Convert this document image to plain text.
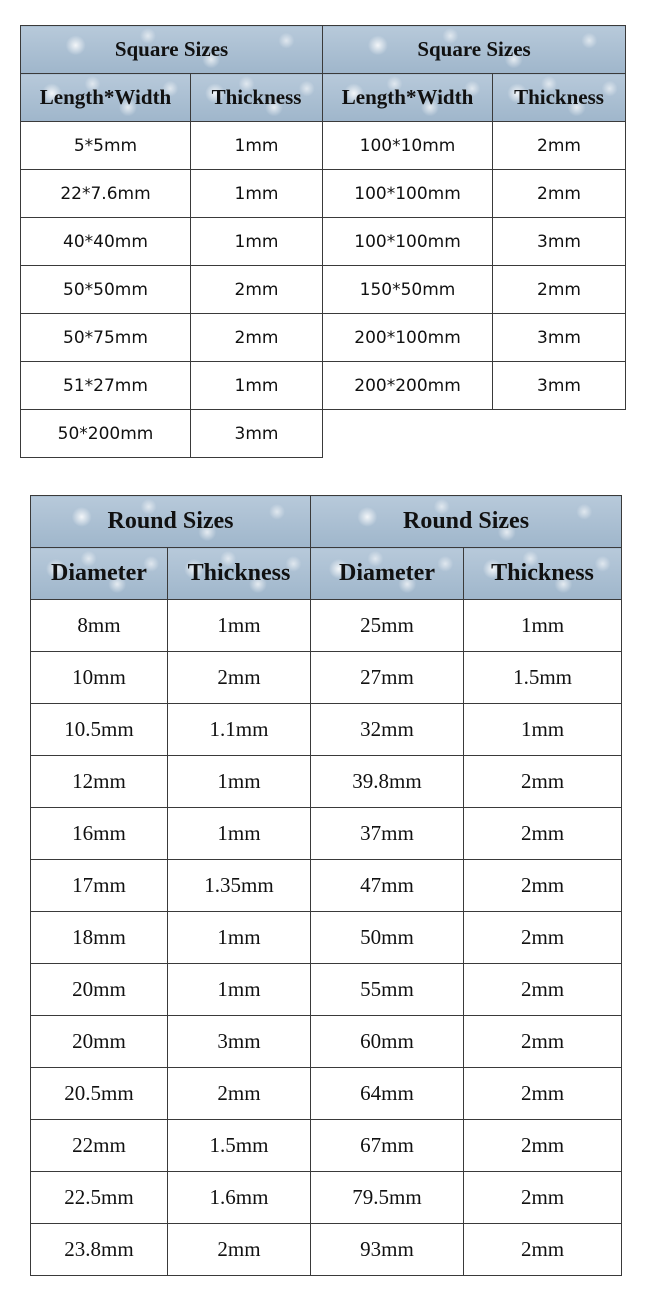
Square Sizes		Square Sizes	
Length*Width	Thickness	Length*Width	Thickness
5*5mm	1mm	100*10mm	2mm
22*7.6mm	1mm	100*100mm	2mm
40*40mm	1mm	100*100mm	3mm
50*50mm	2mm	150*50mm	2mm
50*75mm	2mm	200*100mm	3mm
51*27mm	1mm	200*200mm	3mm
50*200mm	3mm		
Round Sizes		Round Sizes	
Diameter	Thickness	Diameter	Thickness
8mm	1mm	25mm	1mm
10mm	2mm	27mm	1.5mm
10.5mm	1.1mm	32mm	1mm
12mm	1mm	39.8mm	2mm
16mm	1mm	37mm	2mm
17mm	1.35mm	47mm	2mm
18mm	1mm	50mm	2mm
20mm	1mm	55mm	2mm
20mm	3mm	60mm	2mm
20.5mm	2mm	64mm	2mm
22mm	1.5mm	67mm	2mm
22.5mm	1.6mm	79.5mm	2mm
23.8mm	2mm	93mm	2mm
